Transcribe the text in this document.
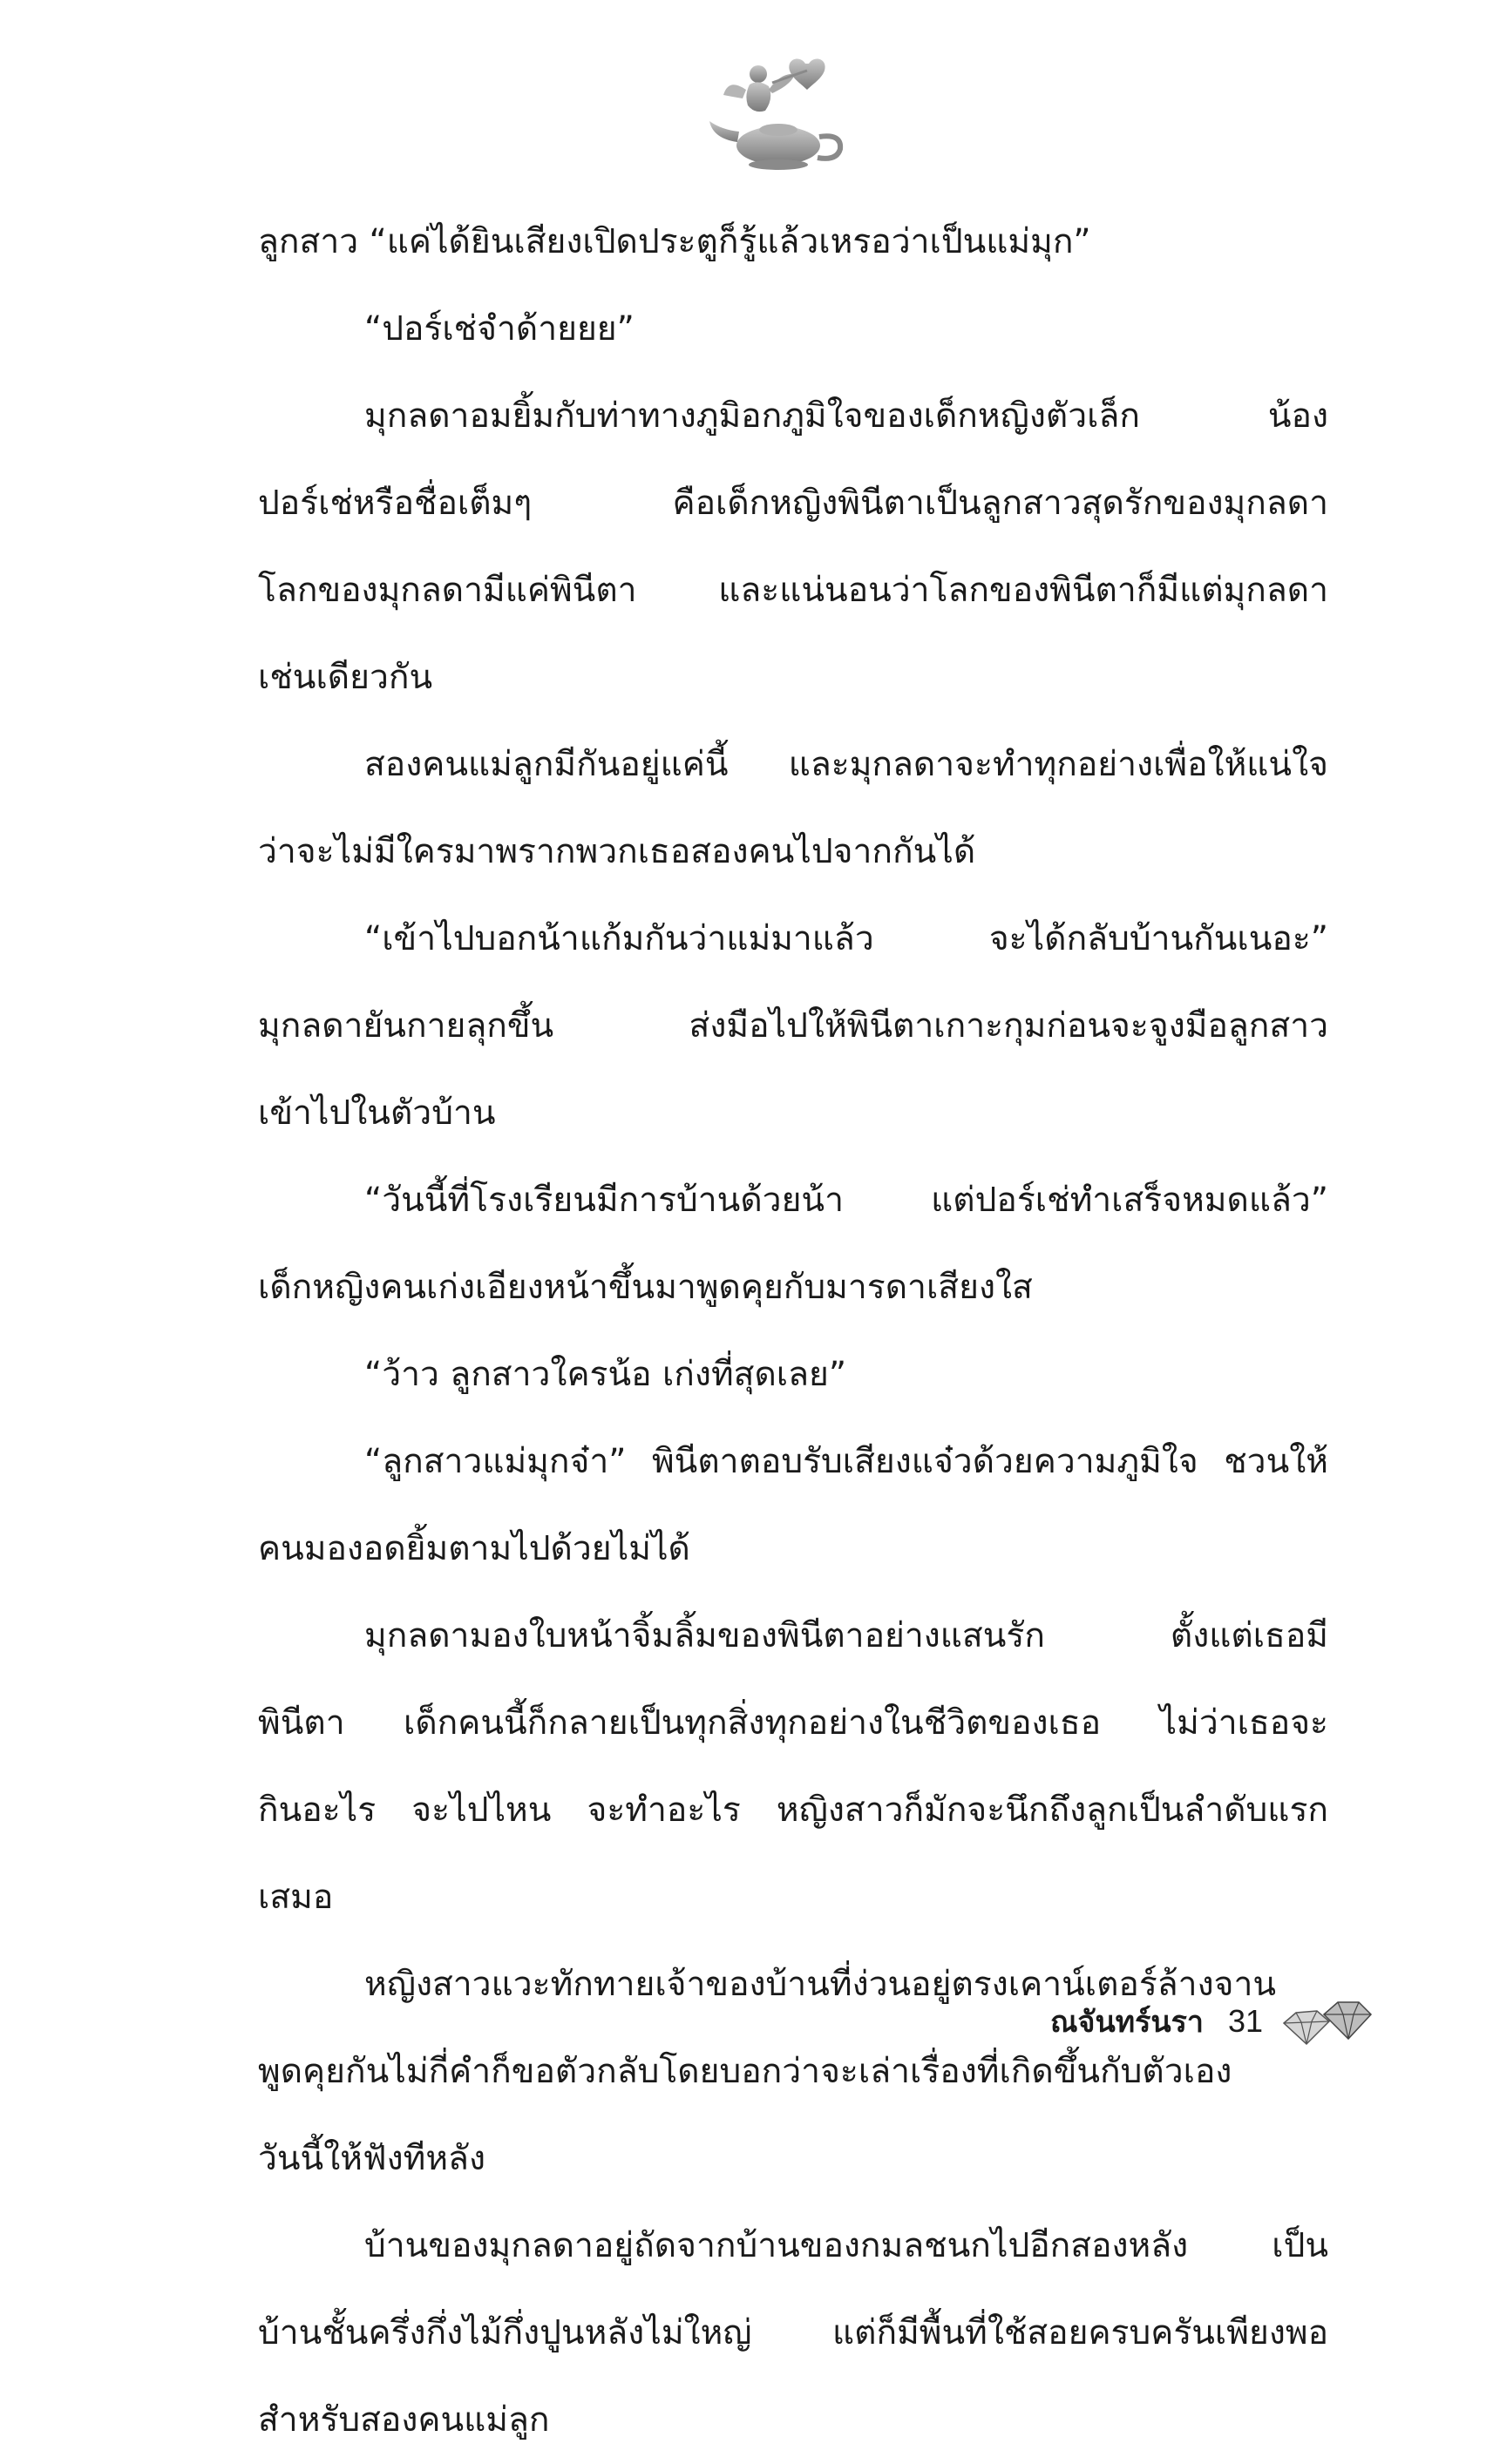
ลูกสาว “แค่ได้ยินเสียงเปิดประตูก็รู้แล้วเหรอว่าเป็นแม่มุก”
“ปอร์เช่จำด้ายยย”
มุกลดาอมยิ้มกับท่าทางภูมิอกภูมิใจของเด็กหญิงตัวเล็ก น้อง
ปอร์เช่หรือชื่อเต็มๆ คือเด็กหญิงพินีตาเป็นลูกสาวสุดรักของมุกลดา
โลกของมุกลดามีแค่พินีตา และแน่นอนว่าโลกของพินีตาก็มีแต่มุกลดา
เช่นเดียวกัน
สองคนแม่ลูกมีกันอยู่แค่นี้ และมุกลดาจะทำทุกอย่างเพื่อให้แน่ใจ
ว่าจะไม่มีใครมาพรากพวกเธอสองคนไปจากกันได้
“เข้าไปบอกน้าแก้มกันว่าแม่มาแล้ว จะได้กลับบ้านกันเนอะ”
มุกลดายันกายลุกขึ้น ส่งมือไปให้พินีตาเกาะกุมก่อนจะจูงมือลูกสาว
เข้าไปในตัวบ้าน
“วันนี้ที่โรงเรียนมีการบ้านด้วยน้า แต่ปอร์เช่ทำเสร็จหมดแล้ว”
เด็กหญิงคนเก่งเอียงหน้าขึ้นมาพูดคุยกับมารดาเสียงใส
“ว้าว ลูกสาวใครน้อ เก่งที่สุดเลย”
“ลูกสาวแม่มุกจ๋า” พินีตาตอบรับเสียงแจ๋วด้วยความภูมิใจ ชวนให้
คนมองอดยิ้มตามไปด้วยไม่ได้
มุกลดามองใบหน้าจิ้มลิ้มของพินีตาอย่างแสนรัก ตั้งแต่เธอมี
พินีตา เด็กคนนี้ก็กลายเป็นทุกสิ่งทุกอย่างในชีวิตของเธอ ไม่ว่าเธอจะ
กินอะไร จะไปไหน จะทำอะไร หญิงสาวก็มักจะนึกถึงลูกเป็นลำดับแรก
เสมอ
หญิงสาวแวะทักทายเจ้าของบ้านที่ง่วนอยู่ตรงเคาน์เตอร์ล้างจาน
พูดคุยกันไม่กี่คำก็ขอตัวกลับโดยบอกว่าจะเล่าเรื่องที่เกิดขึ้นกับตัวเอง
วันนี้ให้ฟังทีหลัง
บ้านของมุกลดาอยู่ถัดจากบ้านของกมลชนกไปอีกสองหลัง เป็น
บ้านชั้นครึ่งกึ่งไม้กึ่งปูนหลังไม่ใหญ่ แต่ก็มีพื้นที่ใช้สอยครบครันเพียงพอ
สำหรับสองคนแม่ลูก
ณจันทร์นรา 31
